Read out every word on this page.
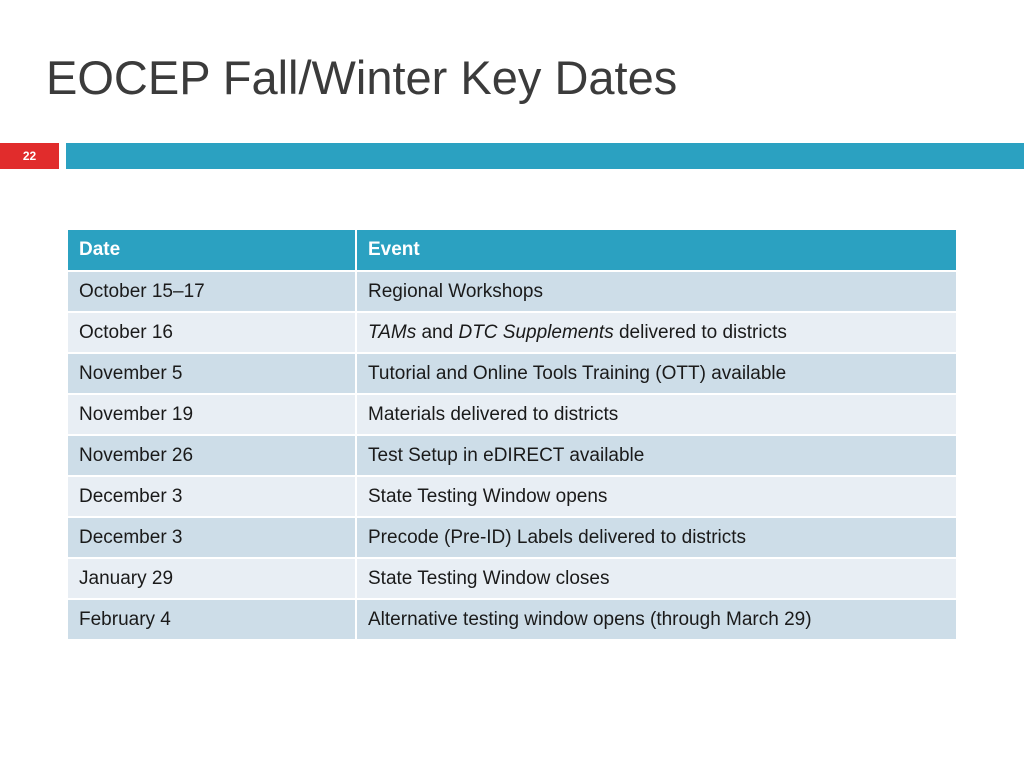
EOCEP Fall/Winter Key Dates
22
Date	Event
October 15–17	Regional Workshops
October 16	TAMs and DTC Supplements delivered to districts
November 5	Tutorial and Online Tools Training (OTT) available
November 19	Materials delivered to districts
November 26	Test Setup in eDIRECT available
December 3	State Testing Window opens
December 3	Precode (Pre-ID) Labels delivered to districts
January 29	State Testing Window closes
February 4	Alternative testing window opens (through March 29)
